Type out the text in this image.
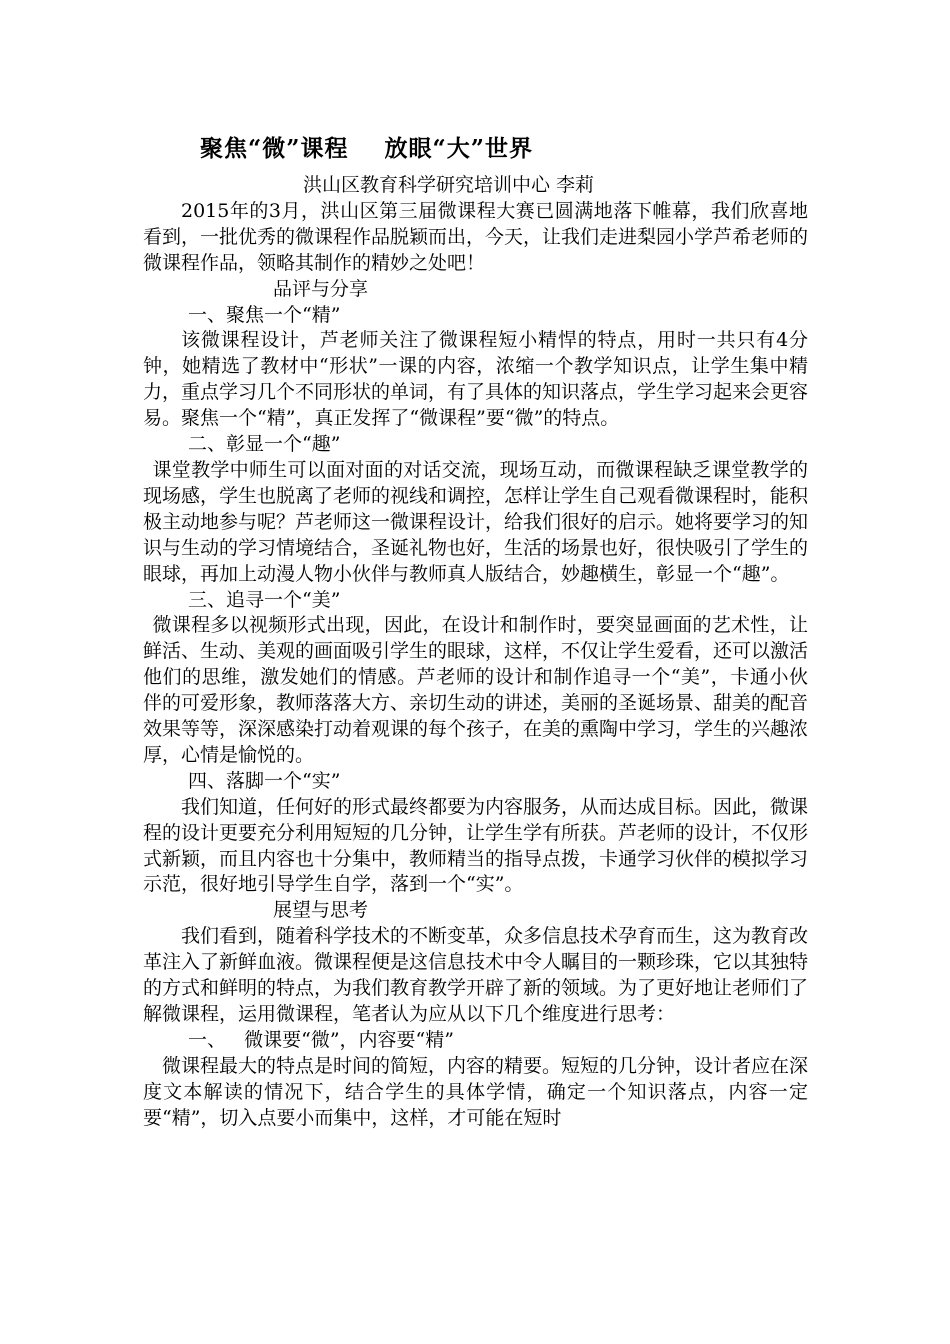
聚焦“微”课程    放眼“大”世界

洪山区教育科学研究培训中心 李莉

2015年的3月，洪山区第三届微课程大赛已圆满地落下帷幕，我们欣喜地看到，一批优秀的微课程作品脱颖而出，今天，让我们走进梨园小学芦希老师的微课程作品，领略其制作的精妙之处吧！

品评与分享

一、聚焦一个“精”

该微课程设计，芦老师关注了微课程短小精悍的特点，用时一共只有4分钟，她精选了教材中“形状”一课的内容，浓缩一个教学知识点，让学生集中精力，重点学习几个不同形状的单词，有了具体的知识落点，学生学习起来会更容易。聚焦一个“精”，真正发挥了“微课程”要“微”的特点。

二、彰显一个“趣”

课堂教学中师生可以面对面的对话交流，现场互动，而微课程缺乏课堂教学的现场感，学生也脱离了老师的视线和调控，怎样让学生自己观看微课程时，能积极主动地参与呢？芦老师这一微课程设计，给我们很好的启示。她将要学习的知识与生动的学习情境结合，圣诞礼物也好，生活的场景也好，很快吸引了学生的眼球，再加上动漫人物小伙伴与教师真人版结合，妙趣横生，彰显一个“趣”。

三、追寻一个“美”

微课程多以视频形式出现，因此，在设计和制作时，要突显画面的艺术性，让鲜活、生动、美观的画面吸引学生的眼球，这样，不仅让学生爱看，还可以激活他们的思维，激发她们的情感。芦老师的设计和制作追寻一个“美”，卡通小伙伴的可爱形象，教师落落大方、亲切生动的讲述，美丽的圣诞场景、甜美的配音效果等等，深深感染打动着观课的每个孩子，在美的熏陶中学习，学生的兴趣浓厚，心情是愉悦的。

四、落脚一个“实”

我们知道，任何好的形式最终都要为内容服务，从而达成目标。因此，微课程的设计更要充分利用短短的几分钟，让学生学有所获。芦老师的设计，不仅形式新颖，而且内容也十分集中，教师精当的指导点拨，卡通学习伙伴的模拟学习示范，很好地引导学生自学，落到一个“实”。

展望与思考

我们看到，随着科学技术的不断变革，众多信息技术孕育而生，这为教育改革注入了新鲜血液。微课程便是这信息技术中令人瞩目的一颗珍珠，它以其独特的方式和鲜明的特点，为我们教育教学开辟了新的领域。为了更好地让老师们了解微课程，运用微课程，笔者认为应从以下几个维度进行思考：

一、   微课要“微”，内容要“精”

微课程最大的特点是时间的简短，内容的精要。短短的几分钟，设计者应在深度文本解读的情况下，结合学生的具体学情，确定一个知识落点，内容一定要“精”，切入点要小而集中，这样，才可能在短时
